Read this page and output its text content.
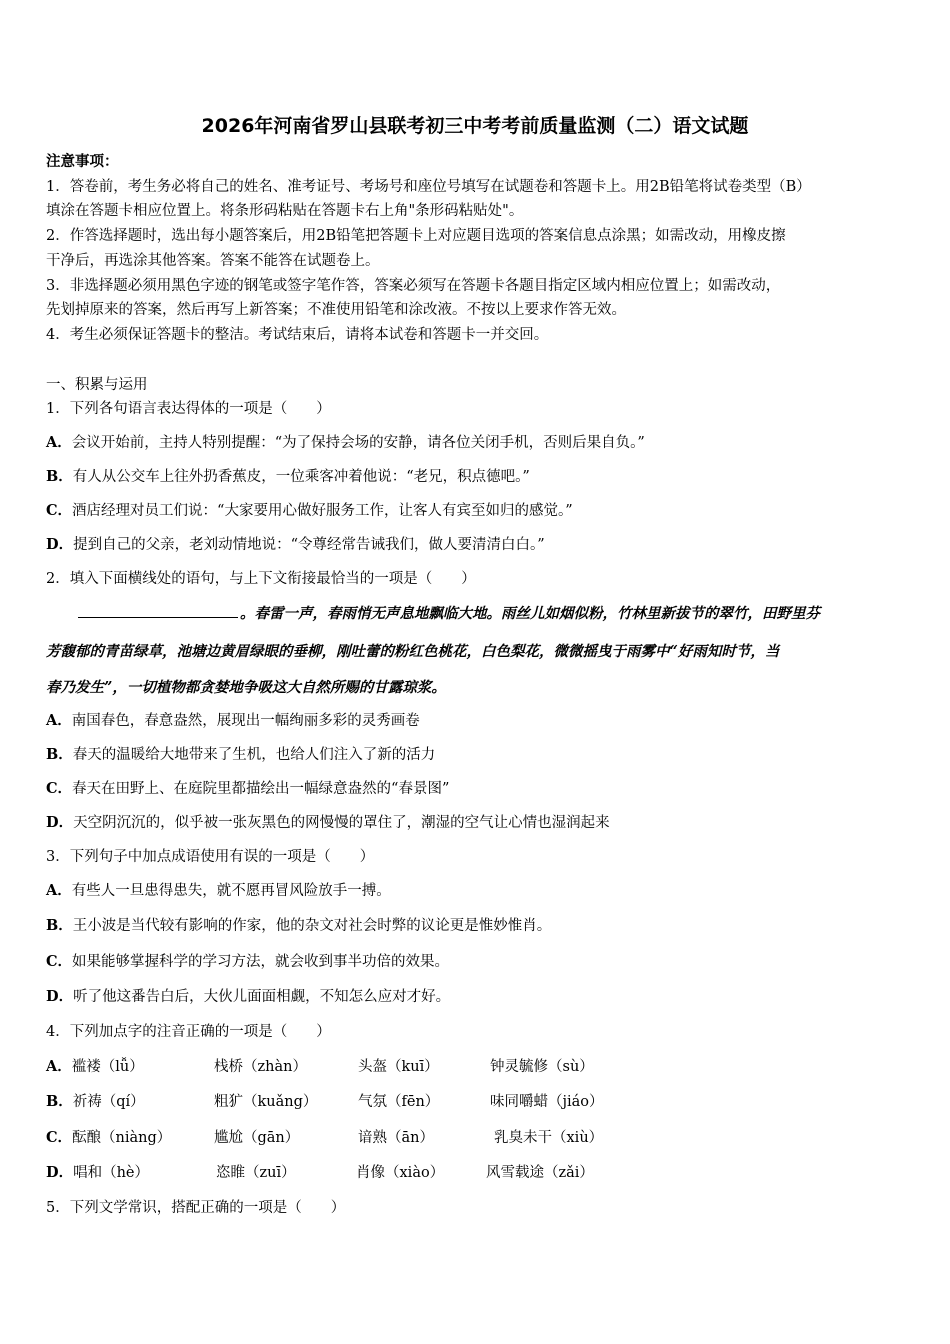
2026年河南省罗山县联考初三中考考前质量监测（二）语文试题
注意事项：
1．答卷前，考生务必将自己的姓名、准考证号、考场号和座位号填写在试题卷和答题卡上。用2B铅笔将试卷类型（B）
填涂在答题卡相应位置上。将条形码粘贴在答题卡右上角"条形码粘贴处"。
2．作答选择题时，选出每小题答案后，用2B铅笔把答题卡上对应题目选项的答案信息点涂黑；如需改动，用橡皮擦
干净后，再选涂其他答案。答案不能答在试题卷上。
3．非选择题必须用黑色字迹的钢笔或签字笔作答，答案必须写在答题卡各题目指定区域内相应位置上；如需改动，
先划掉原来的答案，然后再写上新答案；不准使用铅笔和涂改液。不按以上要求作答无效。
4．考生必须保证答题卡的整洁。考试结束后，请将本试卷和答题卡一并交回。
一、积累与运用
1．下列各句语言表达得体的一项是（　　）
A．会议开始前，主持人特别提醒：“为了保持会场的安静，请各位关闭手机，否则后果自负。”
B．有人从公交车上往外扔香蕉皮，一位乘客冲着他说：“老兄，积点德吧。”
C．酒店经理对员工们说：“大家要用心做好服务工作，让客人有宾至如归的感觉。”
D．提到自己的父亲，老刘动情地说：“令尊经常告诫我们，做人要清清白白。”
2．填入下面横线处的语句，与上下文衔接最恰当的一项是（　　）
。春雷一声，春雨悄无声息地飘临大地。雨丝儿如烟似粉，竹林里新拔节的翠竹，田野里芬
芳馥郁的青苗绿草，池塘边黄眉绿眼的垂柳，刚吐蕾的粉红色桃花，白色梨花，微微摇曳于雨雾中“好雨知时节，当
春乃发生”，一切植物都贪婪地争吸这大自然所赐的甘露琼浆。
A．南国春色，春意盎然，展现出一幅绚丽多彩的灵秀画卷
B．春天的温暖给大地带来了生机，也给人们注入了新的活力
C．春天在田野上、在庭院里都描绘出一幅绿意盎然的“春景图”
D．天空阴沉沉的，似乎被一张灰黑色的网慢慢的罩住了，潮湿的空气让心情也湿润起来
3．下列句子中加点成语使用有误的一项是（　　）
A．有些人一旦患得患失，就不愿再冒风险放手一搏。
B．王小波是当代较有影响的作家，他的杂文对社会时弊的议论更是惟妙惟肖。
C．如果能够掌握科学的学习方法，就会收到事半功倍的效果。
D．听了他这番告白后，大伙儿面面相觑，不知怎么应对才好。
4．下列加点字的注音正确的一项是（　　）
A．褴褛（lǚ）	栈桥（zhàn）	头盔（kuī）	钟灵毓修（sù）
B．祈祷（qí）	粗犷（kuǎng）	气氛（fēn）	味同嚼蜡（jiáo）
C．酝酿（niàng）	尴尬（gān）	谙熟（ān）	乳臭未干（xiù）
D．唱和（hè）	恣睢（zuī）	肖像（xiào）	风雪载途（zǎi）
5．下列文学常识，搭配正确的一项是（　　）
